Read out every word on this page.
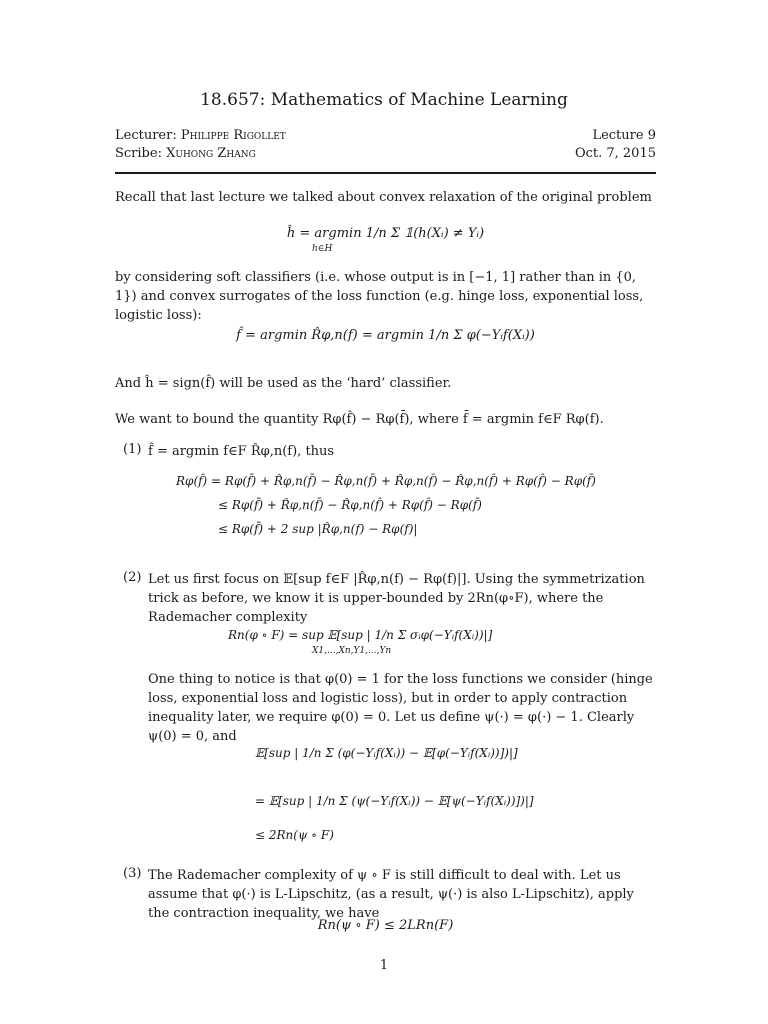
18.657: Mathematics of Machine Learning
Lecturer: Philippe Rigollet
Scribe: Xuhong Zhang
Lecture 9
Oct. 7, 2015
Recall that last lecture we talked about convex relaxation of the original problem
ĥ = argmin 1/n Σ 𝟙(h(Xᵢ) ≠ Yᵢ)
h∈H
by considering soft classifiers (i.e. whose output is in [−1, 1] rather than in {0, 1}) and convex surrogates of the loss function (e.g. hinge loss, exponential loss, logistic loss):
f̂ = argmin R̂φ,n(f) = argmin 1/n Σ φ(−Yᵢf(Xᵢ))
And ĥ = sign(f̂) will be used as the ‘hard’ classifier.
We want to bound the quantity Rφ(f̂) − Rφ(f̄), where f̄ = argmin f∈F Rφ(f).
(1) f̂ = argmin f∈F R̂φ,n(f), thus
Rφ(f̂) = Rφ(f̄) + R̂φ,n(f̄) − R̂φ,n(f̄) + R̂φ,n(f̂) − R̂φ,n(f̂) + Rφ(f̂) − Rφ(f̄)
≤ Rφ(f̄) + R̂φ,n(f̄) − R̂φ,n(f̂) + Rφ(f̂) − Rφ(f̄)
≤ Rφ(f̄) + 2 sup |R̂φ,n(f) − Rφ(f)|
(2) Let us first focus on 𝔼[sup f∈F |R̂φ,n(f) − Rφ(f)|]. Using the symmetrization trick as before, we know it is upper-bounded by 2Rn(φ∘F), where the Rademacher complexity
Rn(φ ∘ F) = sup 𝔼[sup | 1/n Σ σᵢφ(−Yᵢf(Xᵢ))|]
X1,...,Xn,Y1,...,Yn
One thing to notice is that φ(0) = 1 for the loss functions we consider (hinge loss, exponential loss and logistic loss), but in order to apply contraction inequality later, we require φ(0) = 0. Let us define ψ(·) = φ(·) − 1. Clearly ψ(0) = 0, and
𝔼[sup | 1/n Σ (φ(−Yᵢf(Xᵢ)) − 𝔼[φ(−Yᵢf(Xᵢ))])|]
= 𝔼[sup | 1/n Σ (ψ(−Yᵢf(Xᵢ)) − 𝔼[ψ(−Yᵢf(Xᵢ))])|]
≤ 2Rn(ψ ∘ F)
(3) The Rademacher complexity of ψ ∘ F is still difficult to deal with. Let us assume that φ(·) is L-Lipschitz, (as a result, ψ(·) is also L-Lipschitz), apply the contraction inequality, we have
Rn(ψ ∘ F) ≤ 2LRn(F)
1
